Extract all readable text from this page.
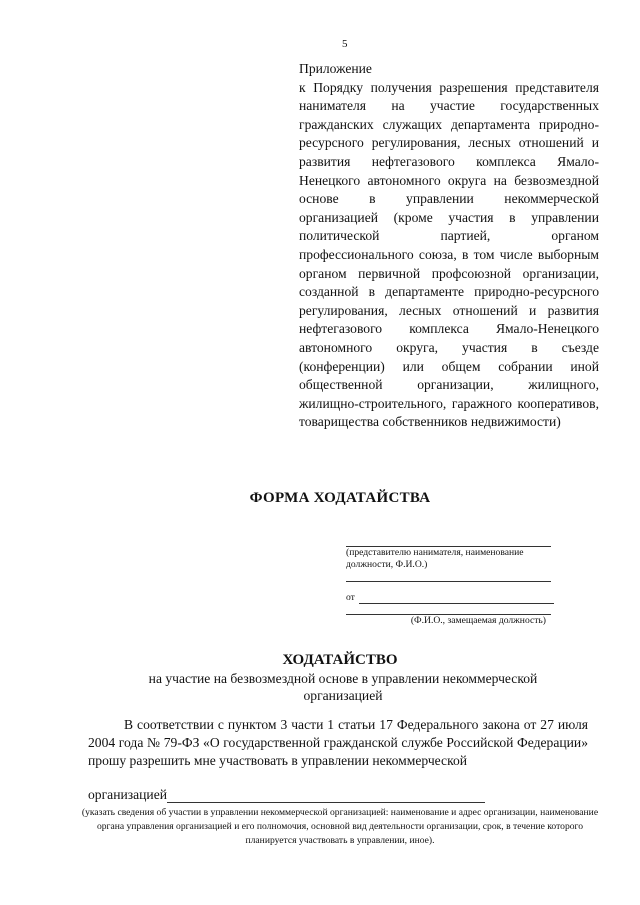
5
Приложение
к Порядку получения разрешения представителя нанимателя на участие государственных гражданских служащих департамента природно-ресурсного регулирования, лесных отношений и развития нефтегазового комплекса Ямало-Ненецкого автономного округа на безвозмездной основе в управлении некоммерческой организацией (кроме участия в управлении политической партией, органом профессионального союза, в том числе выборным органом первичной профсоюзной организации, созданной в департаменте природно-ресурсного регулирования, лесных отношений и развития нефтегазового комплекса Ямало-Ненецкого автономного округа, участия в съезде (конференции) или общем собрании иной общественной организации, жилищного, жилищно-строительного, гаражного кооперативов, товарищества собственников недвижимости)
ФОРМА ХОДАТАЙСТВА
(представителю нанимателя, наименование должности, Ф.И.О.)
от
(Ф.И.О., замещаемая должность)
ХОДАТАЙСТВО
на участие на безвозмездной основе в управлении некоммерческой организацией
В соответствии с пунктом 3 части 1 статьи 17 Федерального закона от 27 июля 2004 года № 79-ФЗ «О государственной гражданской службе Российской Федерации» прошу разрешить мне участвовать в управлении некоммерческой
организацией
(указать сведения об участии в управлении некоммерческой организацией: наименование и адрес организации, наименование органа управления организацией и его полномочия, основной вид деятельности организации, срок, в течение которого планируется участвовать в управлении, иное).
